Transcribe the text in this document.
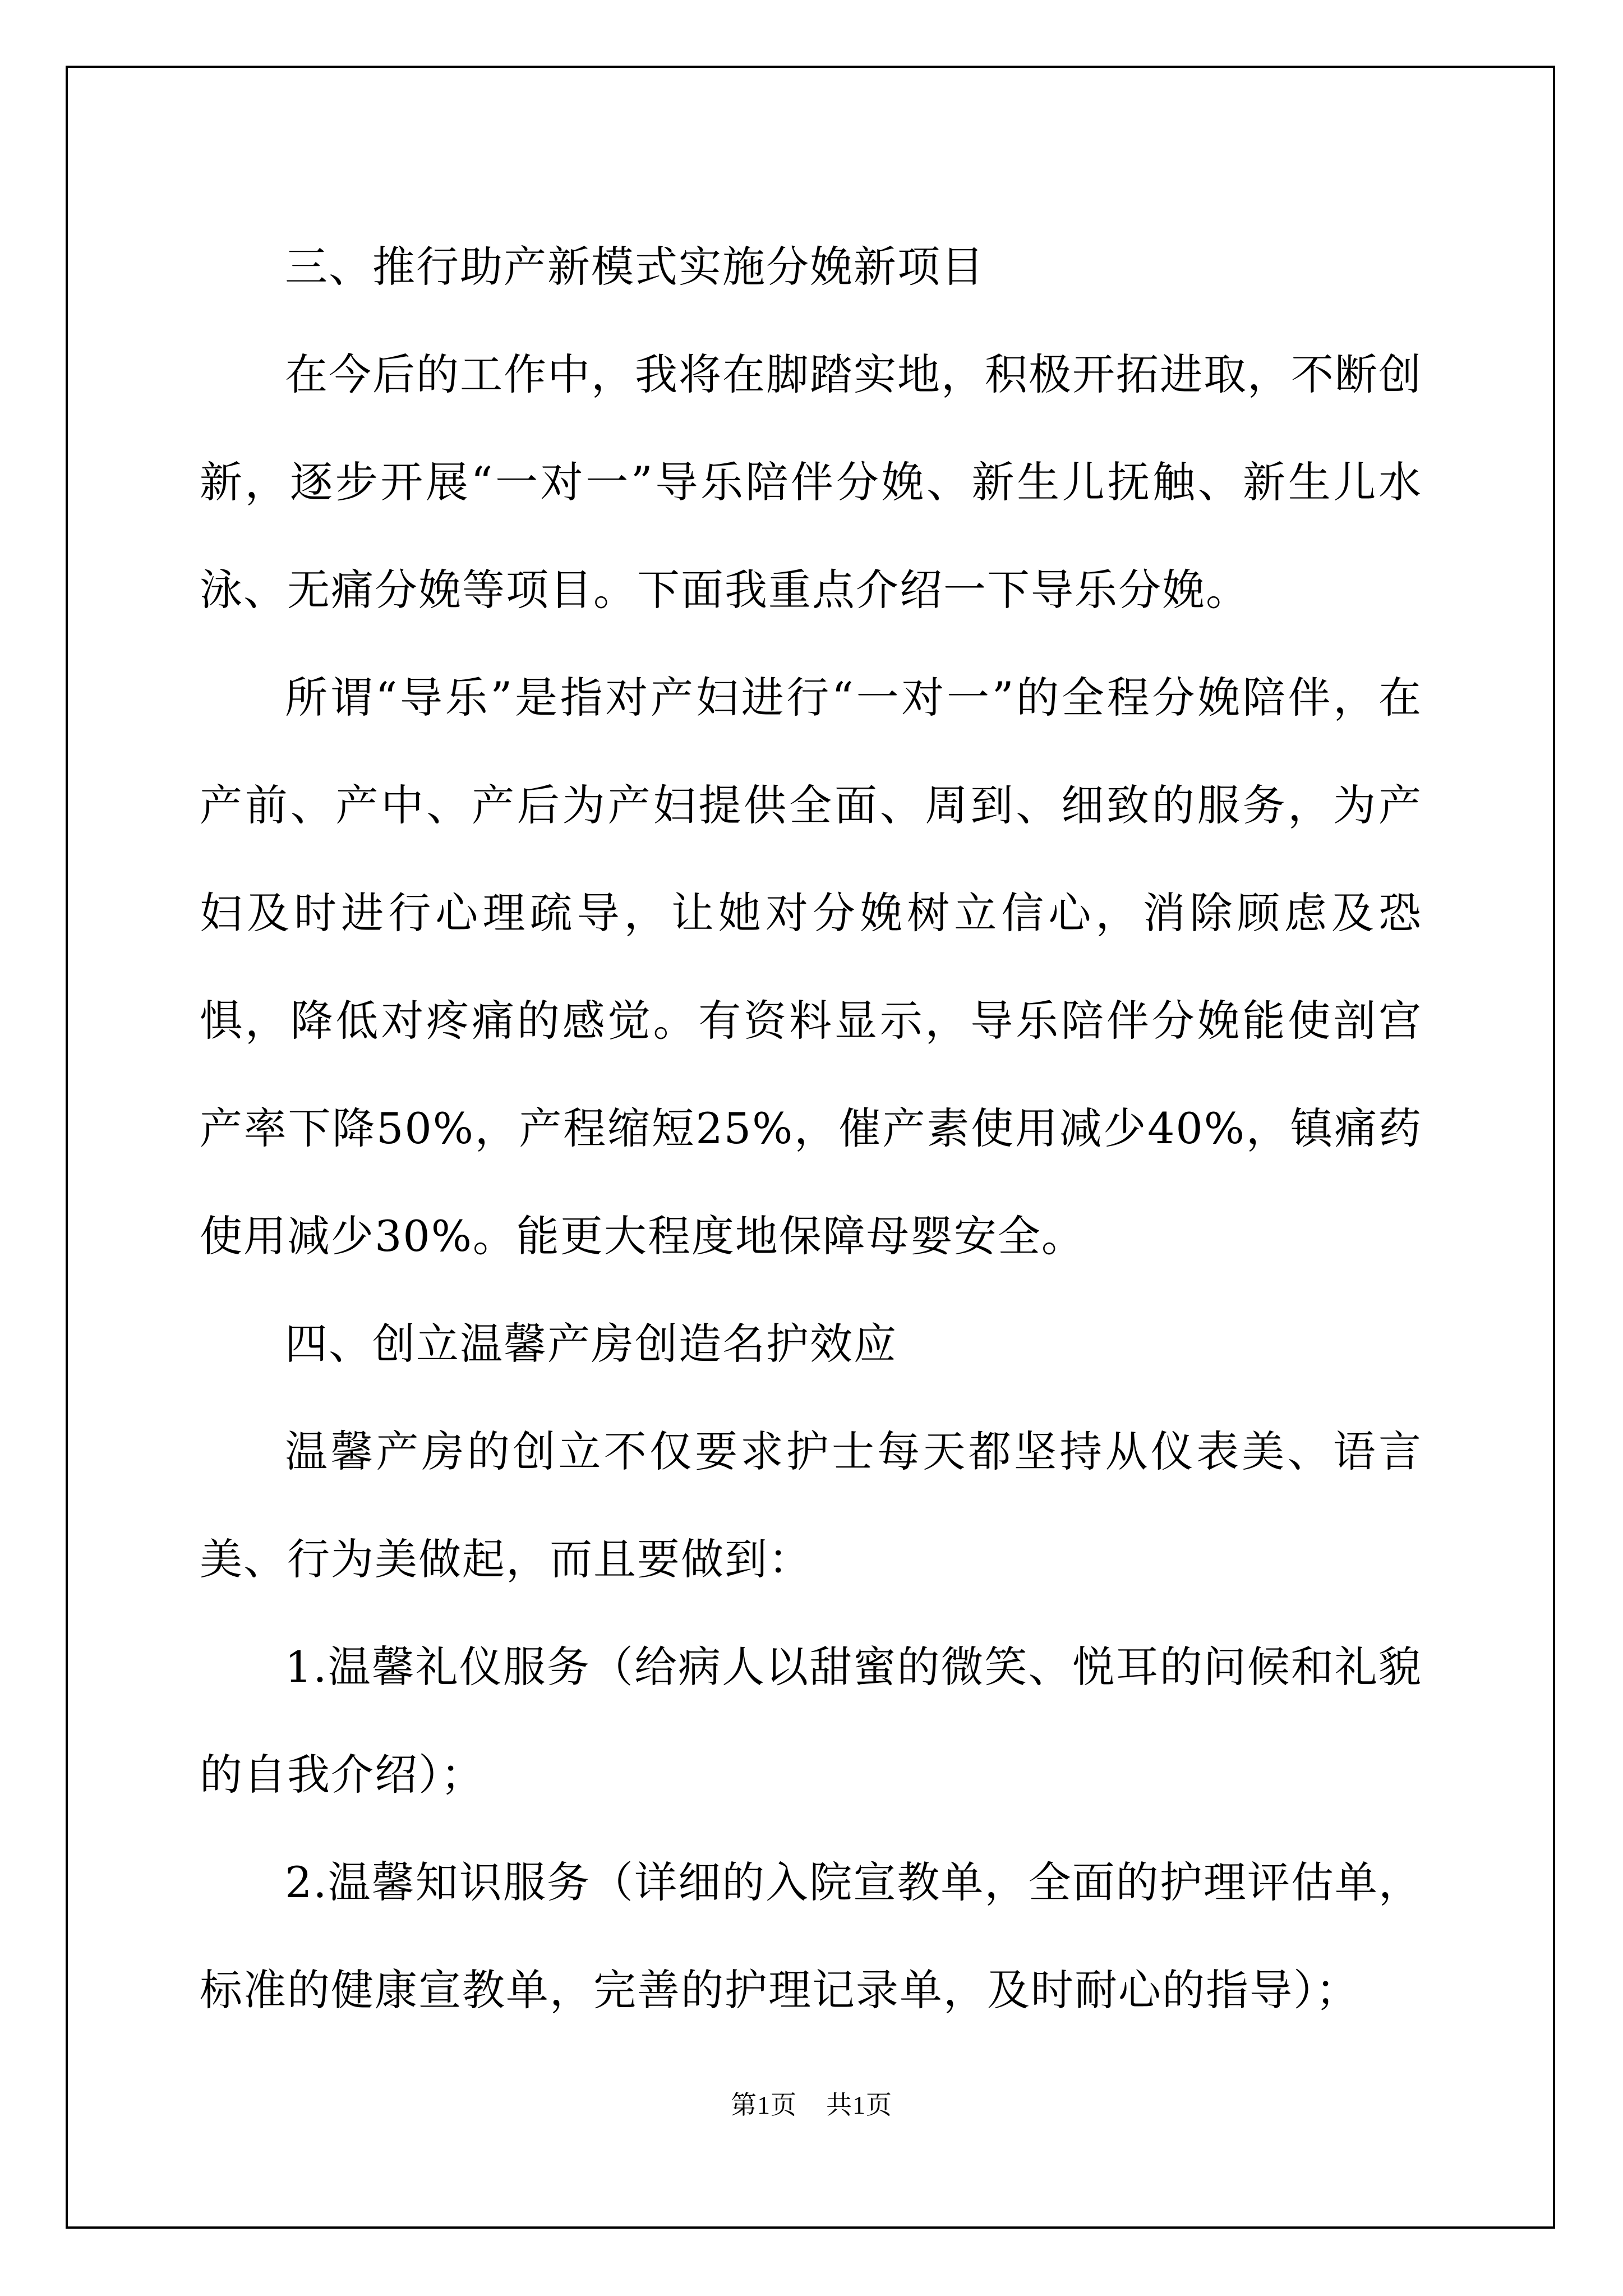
三、推行助产新模式实施分娩新项目

在今后的工作中，我将在脚踏实地，积极开拓进取，不断创新，逐步开展“一对一”导乐陪伴分娩、新生儿抚触、新生儿水泳、无痛分娩等项目。下面我重点介绍一下导乐分娩。

所谓“导乐”是指对产妇进行“一对一”的全程分娩陪伴，在产前、产中、产后为产妇提供全面、周到、细致的服务，为产妇及时进行心理疏导，让她对分娩树立信心，消除顾虑及恐惧，降低对疼痛的感觉。有资料显示，导乐陪伴分娩能使剖宫产率下降50%，产程缩短25%，催产素使用减少40%，镇痛药使用减少30%。能更大程度地保障母婴安全。

四、创立温馨产房创造名护效应

温馨产房的创立不仅要求护士每天都坚持从仪表美、语言美、行为美做起，而且要做到：

1.温馨礼仪服务（给病人以甜蜜的微笑、悦耳的问候和礼貌的自我介绍）；

2.温馨知识服务（详细的入院宣教单，全面的护理评估单，标准的健康宣教单，完善的护理记录单，及时耐心的指导）；

第1页 共1页
